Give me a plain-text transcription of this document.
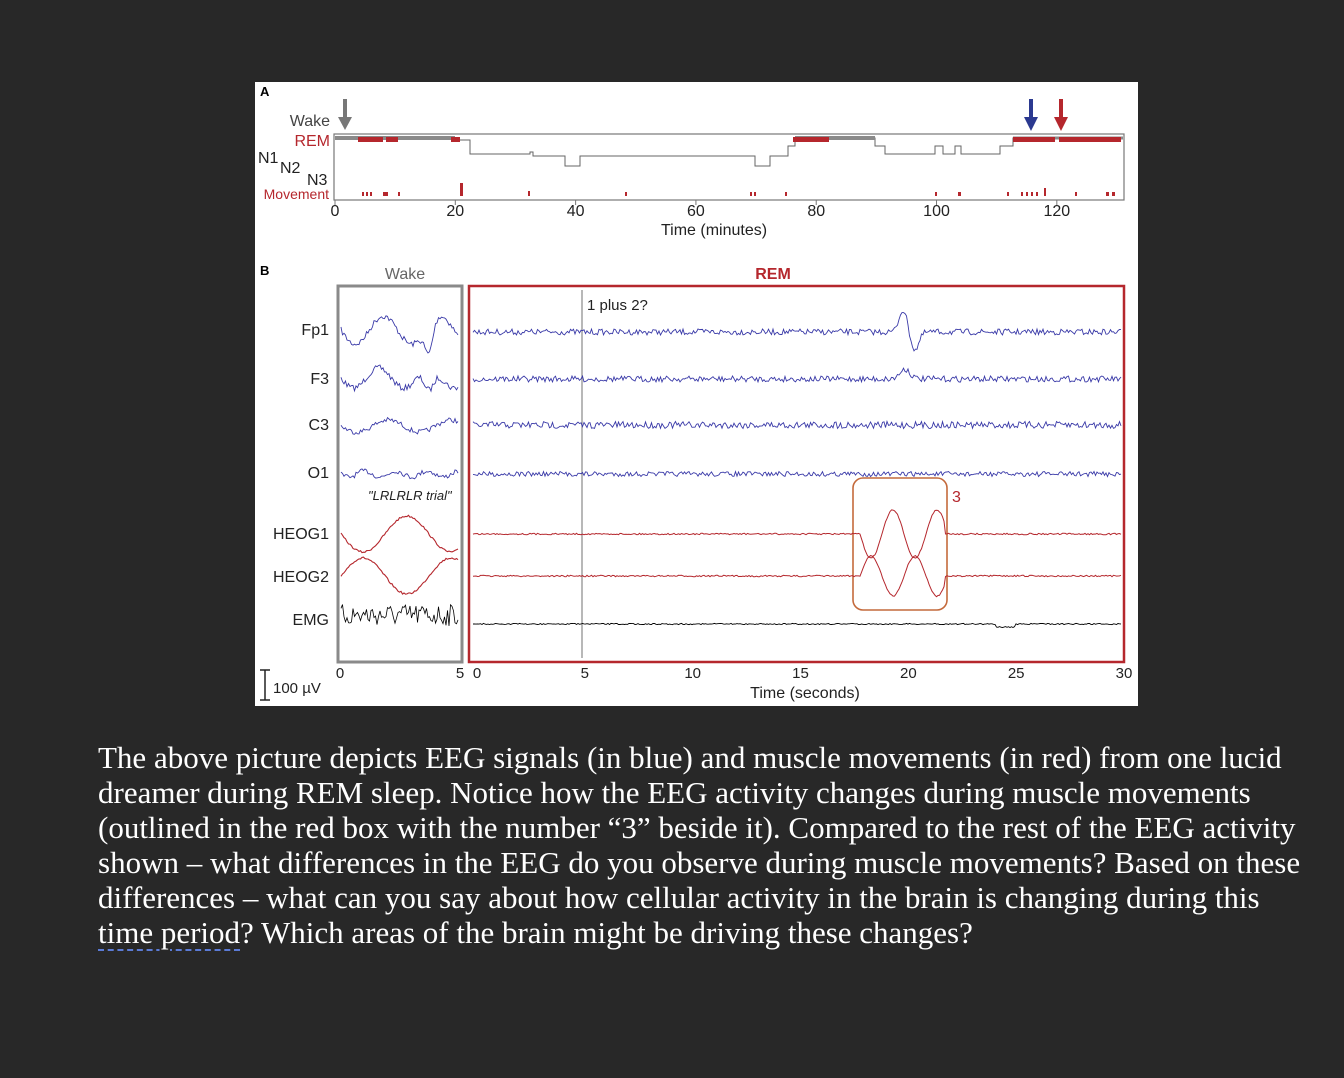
A
Wake
REM
N1
N2
N3
Movement
0	20	40	60	80	100	120
Time (minutes)
B	Wake	REM
Fp1
F3
C3
O1
HEOG1
HEOG2
EMG
1 plus 2?
"LRLRLR trial"	3
0	5 0	5	10	15	20	25	30
Time (seconds)
100 µV

The above picture depicts EEG signals (in blue) and muscle movements (in red) from one lucid dreamer during REM sleep. Notice how the EEG activity changes during muscle movements (outlined in the red box with the number “3” beside it). Compared to the rest of the EEG activity shown – what differences in the EEG do you observe during muscle movements? Based on these differences – what can you say about how cellular activity in the brain is changing during this time period? Which areas of the brain might be driving these changes?
